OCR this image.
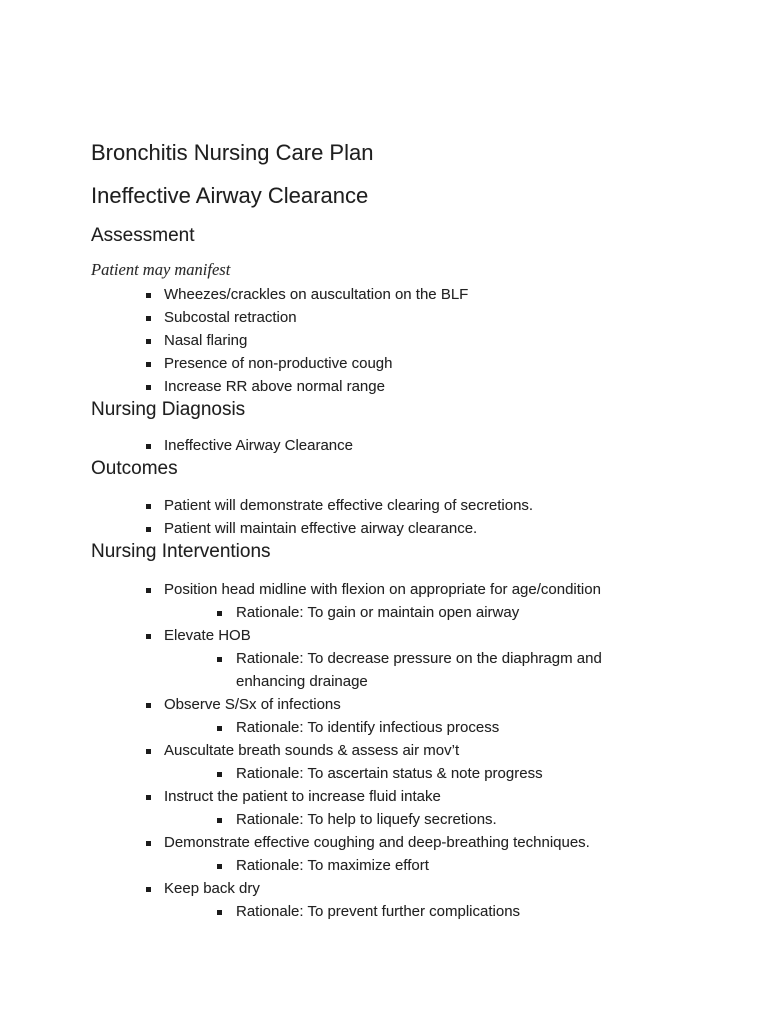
Bronchitis Nursing Care Plan
Ineffective Airway Clearance
Assessment

Patient may manifest

Wheezes/crackles on auscultation on the BLF
Subcostal retraction
Nasal flaring
Presence of non-productive cough
Increase RR above normal range
Nursing Diagnosis
Ineffective Airway Clearance
Outcomes
Patient will demonstrate effective clearing of secretions.
Patient will maintain effective airway clearance.
Nursing Interventions
Position head midline with flexion on appropriate for age/condition
Rationale: To gain or maintain open airway
Elevate HOB
Rationale: To decrease pressure on the diaphragm and enhancing drainage
Observe S/Sx of infections
Rationale: To identify infectious process
Auscultate breath sounds & assess air mov’t
Rationale: To ascertain status & note progress
Instruct the patient to increase fluid intake
Rationale: To help to liquefy secretions.
Demonstrate effective coughing and deep-breathing techniques.
Rationale: To maximize effort
Keep back dry
Rationale: To prevent further complications
